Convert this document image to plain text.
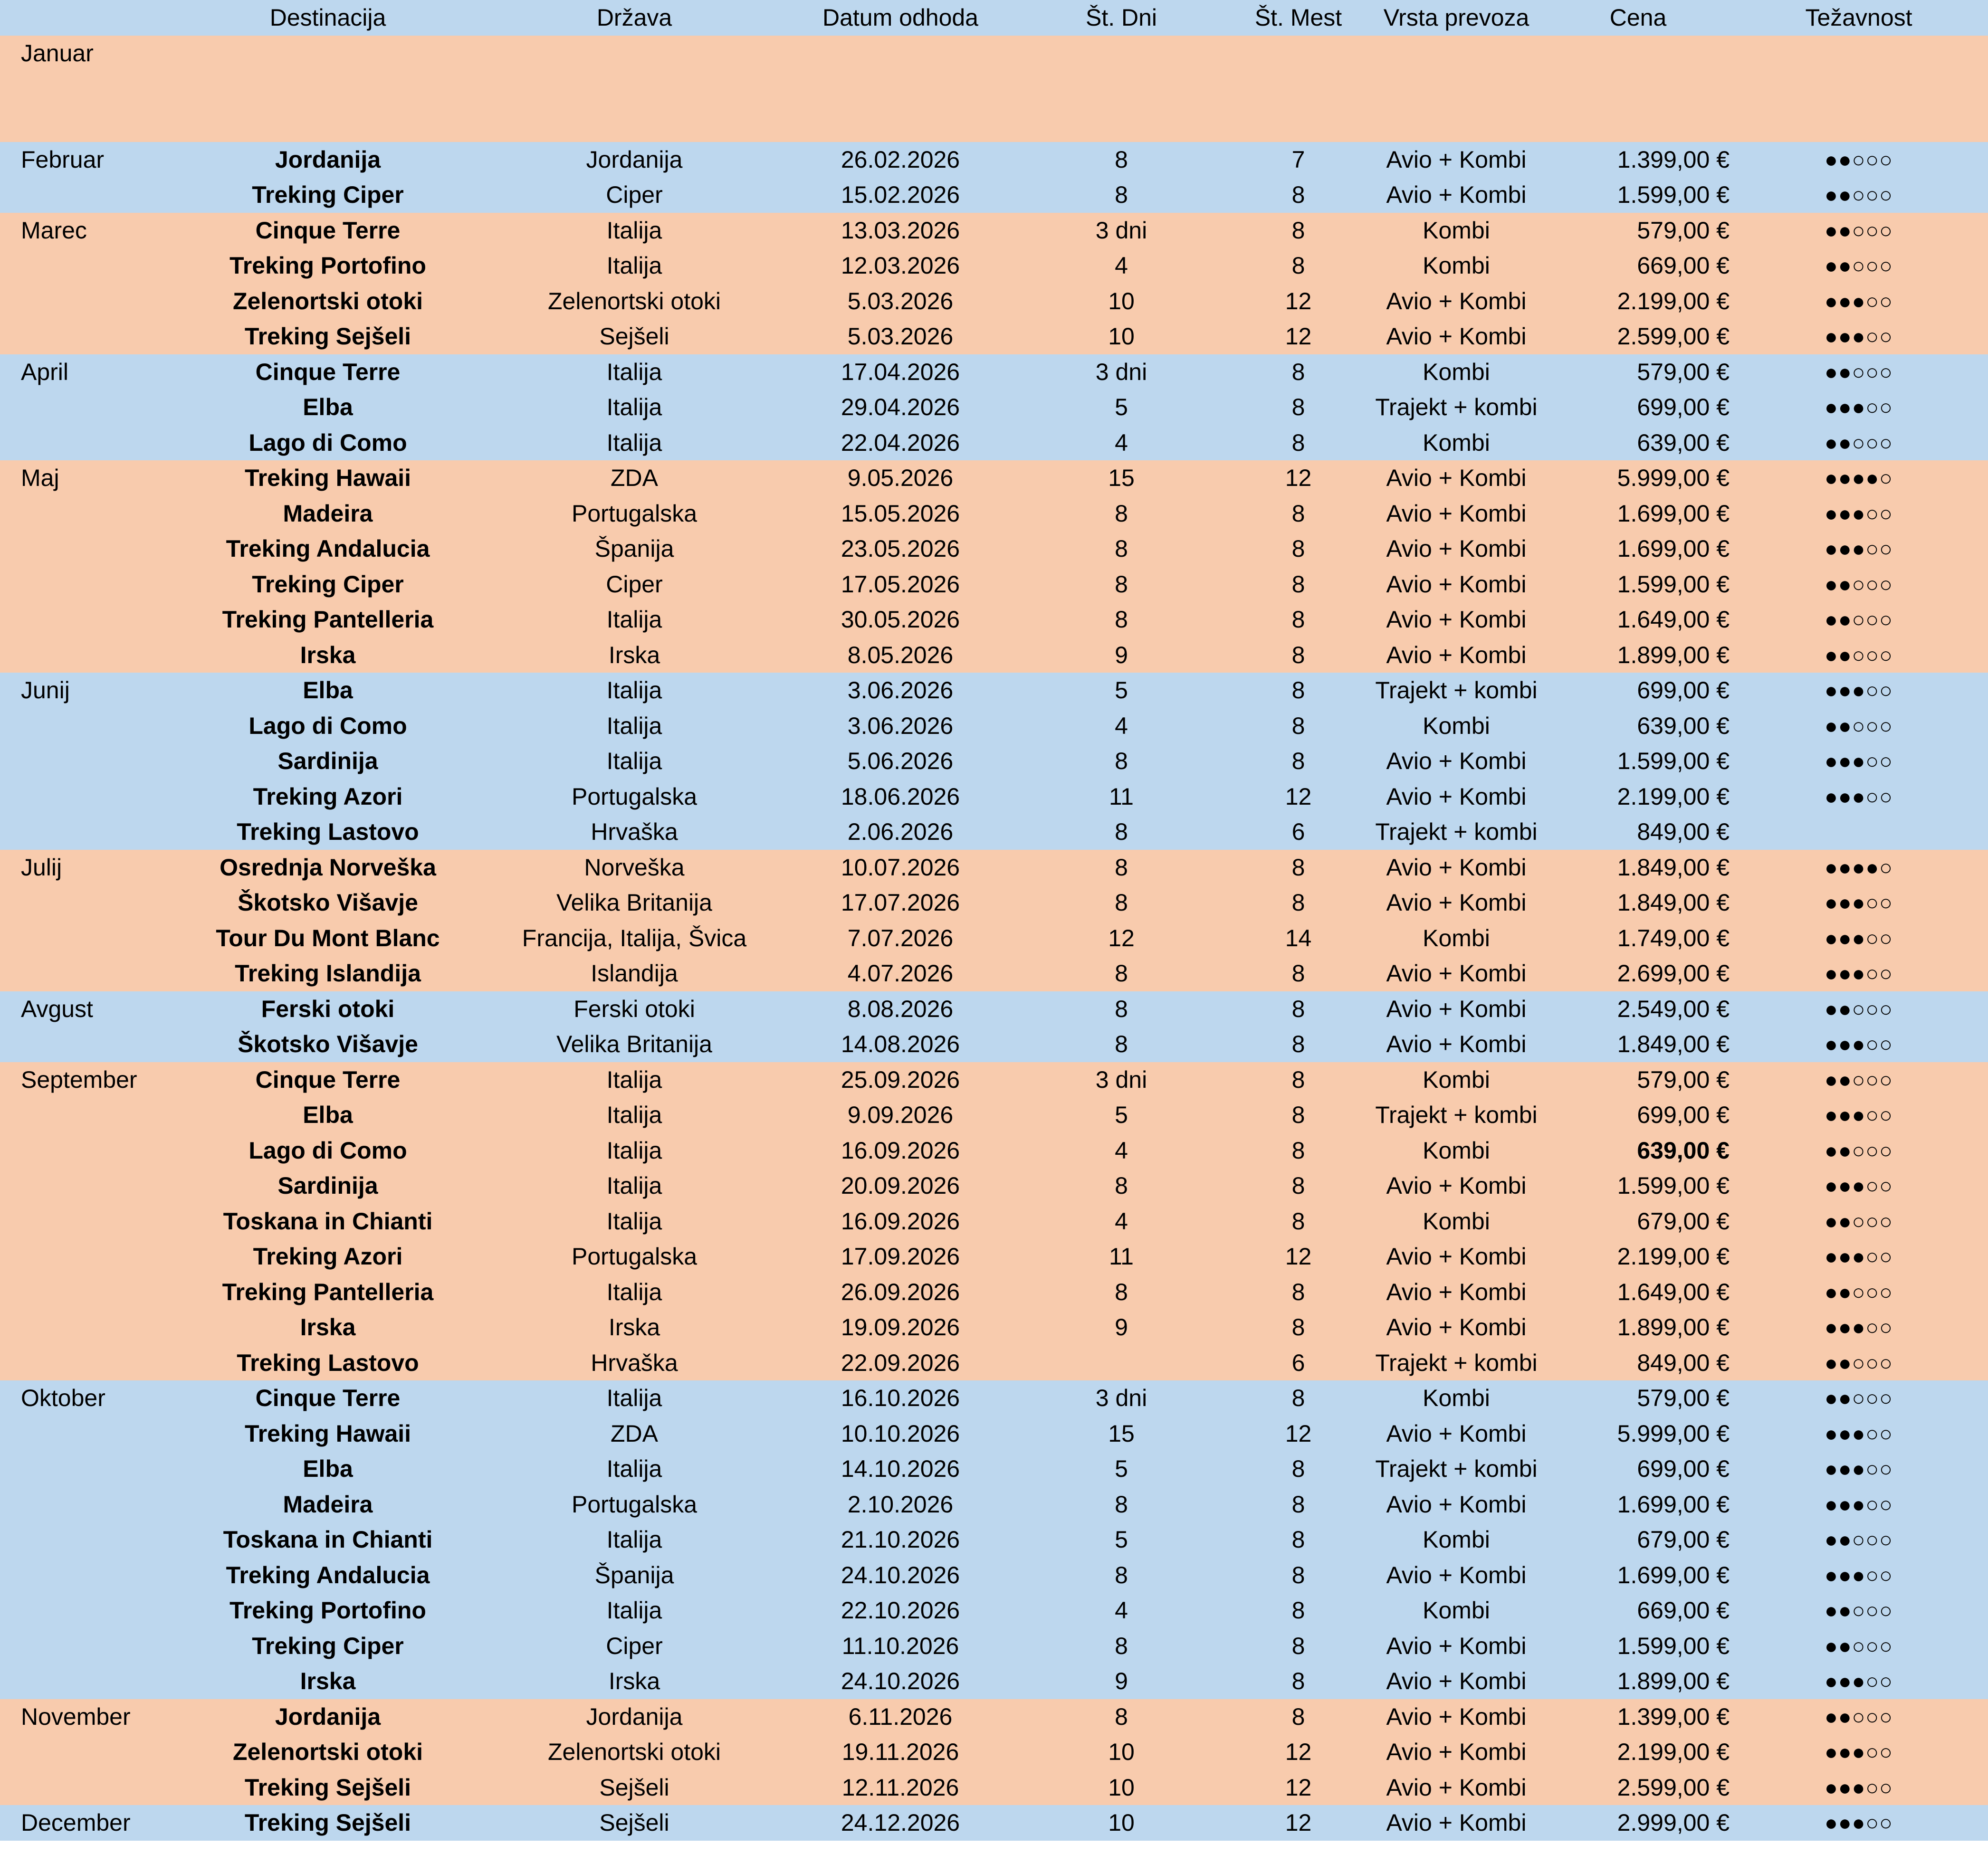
	Destinacija	Država	Datum odhoda	Št. Dni	Št. Mest	Vrsta prevoza	Cena	Težavnost
Januar								
Februar	Jordanija	Jordanija	26.02.2026	8	7	Avio + Kombi	1.399,00 €	●●○○○
	Treking Ciper	Ciper	15.02.2026	8	8	Avio + Kombi	1.599,00 €	●●○○○
Marec	Cinque Terre	Italija	13.03.2026	3 dni	8	Kombi	579,00 €	●●○○○
	Treking Portofino	Italija	12.03.2026	4	8	Kombi	669,00 €	●●○○○
	Zelenortski otoki	Zelenortski otoki	5.03.2026	10	12	Avio + Kombi	2.199,00 €	●●●○○
	Treking Sejšeli	Sejšeli	5.03.2026	10	12	Avio + Kombi	2.599,00 €	●●●○○
April	Cinque Terre	Italija	17.04.2026	3 dni	8	Kombi	579,00 €	●●○○○
	Elba	Italija	29.04.2026	5	8	Trajekt + kombi	699,00 €	●●●○○
	Lago di Como	Italija	22.04.2026	4	8	Kombi	639,00 €	●●○○○
Maj	Treking Hawaii	ZDA	9.05.2026	15	12	Avio + Kombi	5.999,00 €	●●●●○
	Madeira	Portugalska	15.05.2026	8	8	Avio + Kombi	1.699,00 €	●●●○○
	Treking Andalucia	Španija	23.05.2026	8	8	Avio + Kombi	1.699,00 €	●●●○○
	Treking Ciper	Ciper	17.05.2026	8	8	Avio + Kombi	1.599,00 €	●●○○○
	Treking Pantelleria	Italija	30.05.2026	8	8	Avio + Kombi	1.649,00 €	●●○○○
	Irska	Irska	8.05.2026	9	8	Avio + Kombi	1.899,00 €	●●○○○
Junij	Elba	Italija	3.06.2026	5	8	Trajekt + kombi	699,00 €	●●●○○
	Lago di Como	Italija	3.06.2026	4	8	Kombi	639,00 €	●●○○○
	Sardinija	Italija	5.06.2026	8	8	Avio + Kombi	1.599,00 €	●●●○○
	Treking Azori	Portugalska	18.06.2026	11	12	Avio + Kombi	2.199,00 €	●●●○○
	Treking Lastovo	Hrvaška	2.06.2026	8	6	Trajekt + kombi	849,00 €	
Julij	Osrednja Norveška	Norveška	10.07.2026	8	8	Avio + Kombi	1.849,00 €	●●●●○
	Škotsko Višavje	Velika Britanija	17.07.2026	8	8	Avio + Kombi	1.849,00 €	●●●○○
	Tour Du Mont Blanc	Francija, Italija, Švica	7.07.2026	12	14	Kombi	1.749,00 €	●●●○○
	Treking Islandija	Islandija	4.07.2026	8	8	Avio + Kombi	2.699,00 €	●●●○○
Avgust	Ferski otoki	Ferski otoki	8.08.2026	8	8	Avio + Kombi	2.549,00 €	●●○○○
	Škotsko Višavje	Velika Britanija	14.08.2026	8	8	Avio + Kombi	1.849,00 €	●●●○○
September	Cinque Terre	Italija	25.09.2026	3 dni	8	Kombi	579,00 €	●●○○○
	Elba	Italija	9.09.2026	5	8	Trajekt + kombi	699,00 €	●●●○○
	Lago di Como	Italija	16.09.2026	4	8	Kombi	639,00 €	●●○○○
	Sardinija	Italija	20.09.2026	8	8	Avio + Kombi	1.599,00 €	●●●○○
	Toskana in Chianti	Italija	16.09.2026	4	8	Kombi	679,00 €	●●○○○
	Treking Azori	Portugalska	17.09.2026	11	12	Avio + Kombi	2.199,00 €	●●●○○
	Treking Pantelleria	Italija	26.09.2026	8	8	Avio + Kombi	1.649,00 €	●●○○○
	Irska	Irska	19.09.2026	9	8	Avio + Kombi	1.899,00 €	●●●○○
	Treking Lastovo	Hrvaška	22.09.2026		6	Trajekt + kombi	849,00 €	●●○○○
Oktober	Cinque Terre	Italija	16.10.2026	3 dni	8	Kombi	579,00 €	●●○○○
	Treking Hawaii	ZDA	10.10.2026	15	12	Avio + Kombi	5.999,00 €	●●●○○
	Elba	Italija	14.10.2026	5	8	Trajekt + kombi	699,00 €	●●●○○
	Madeira	Portugalska	2.10.2026	8	8	Avio + Kombi	1.699,00 €	●●●○○
	Toskana in Chianti	Italija	21.10.2026	5	8	Kombi	679,00 €	●●○○○
	Treking Andalucia	Španija	24.10.2026	8	8	Avio + Kombi	1.699,00 €	●●●○○
	Treking Portofino	Italija	22.10.2026	4	8	Kombi	669,00 €	●●○○○
	Treking Ciper	Ciper	11.10.2026	8	8	Avio + Kombi	1.599,00 €	●●○○○
	Irska	Irska	24.10.2026	9	8	Avio + Kombi	1.899,00 €	●●●○○
November	Jordanija	Jordanija	6.11.2026	8	8	Avio + Kombi	1.399,00 €	●●○○○
	Zelenortski otoki	Zelenortski otoki	19.11.2026	10	12	Avio + Kombi	2.199,00 €	●●●○○
	Treking Sejšeli	Sejšeli	12.11.2026	10	12	Avio + Kombi	2.599,00 €	●●●○○
December	Treking Sejšeli	Sejšeli	24.12.2026	10	12	Avio + Kombi	2.999,00 €	●●●○○
